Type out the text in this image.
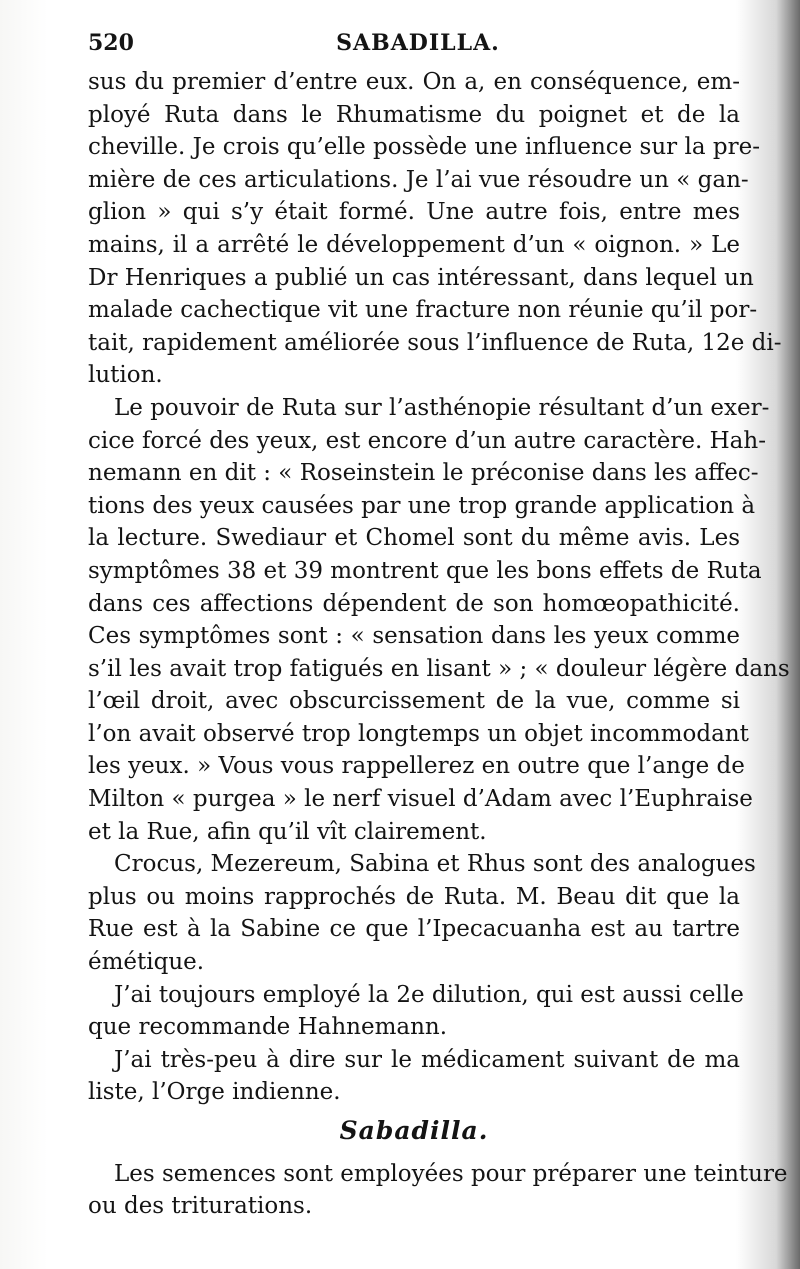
520	SABADILLA.
sus du premier d’entre eux. On a, en conséquence, em-
ployé Ruta dans le Rhumatisme du poignet et de la
cheville. Je crois qu’elle possède une influence sur la pre-
mière de ces articulations. Je l’ai vue résoudre un « gan-
glion » qui s’y était formé. Une autre fois, entre mes
mains, il a arrêté le développement d’un « oignon. » Le
Dr Henriques a publié un cas intéressant, dans lequel un
malade cachectique vit une fracture non réunie qu’il por-
tait, rapidement améliorée sous l’influence de Ruta, 12e di-
lution.
Le pouvoir de Ruta sur l’asthénopie résultant d’un exer-
cice forcé des yeux, est encore d’un autre caractère. Hah-
nemann en dit : « Roseinstein le préconise dans les affec-
tions des yeux causées par une trop grande application à
la lecture. Swediaur et Chomel sont du même avis. Les
symptômes 38 et 39 montrent que les bons effets de Ruta
dans ces affections dépendent de son homœopathicité.
Ces symptômes sont : « sensation dans les yeux comme
s’il les avait trop fatigués en lisant » ; « douleur légère dans
l’œil droit, avec obscurcissement de la vue, comme si
l’on avait observé trop longtemps un objet incommodant
les yeux. » Vous vous rappellerez en outre que l’ange de
Milton « purgea » le nerf visuel d’Adam avec l’Euphraise
et la Rue, afin qu’il vît clairement.
Crocus, Mezereum, Sabina et Rhus sont des analogues
plus ou moins rapprochés de Ruta. M. Beau dit que la
Rue est à la Sabine ce que l’Ipecacuanha est au tartre
émétique.
J’ai toujours employé la 2e dilution, qui est aussi celle
que recommande Hahnemann.
J’ai très-peu à dire sur le médicament suivant de ma
liste, l’Orge indienne.
Sabadilla.
Les semences sont employées pour préparer une teinture
ou des triturations.
